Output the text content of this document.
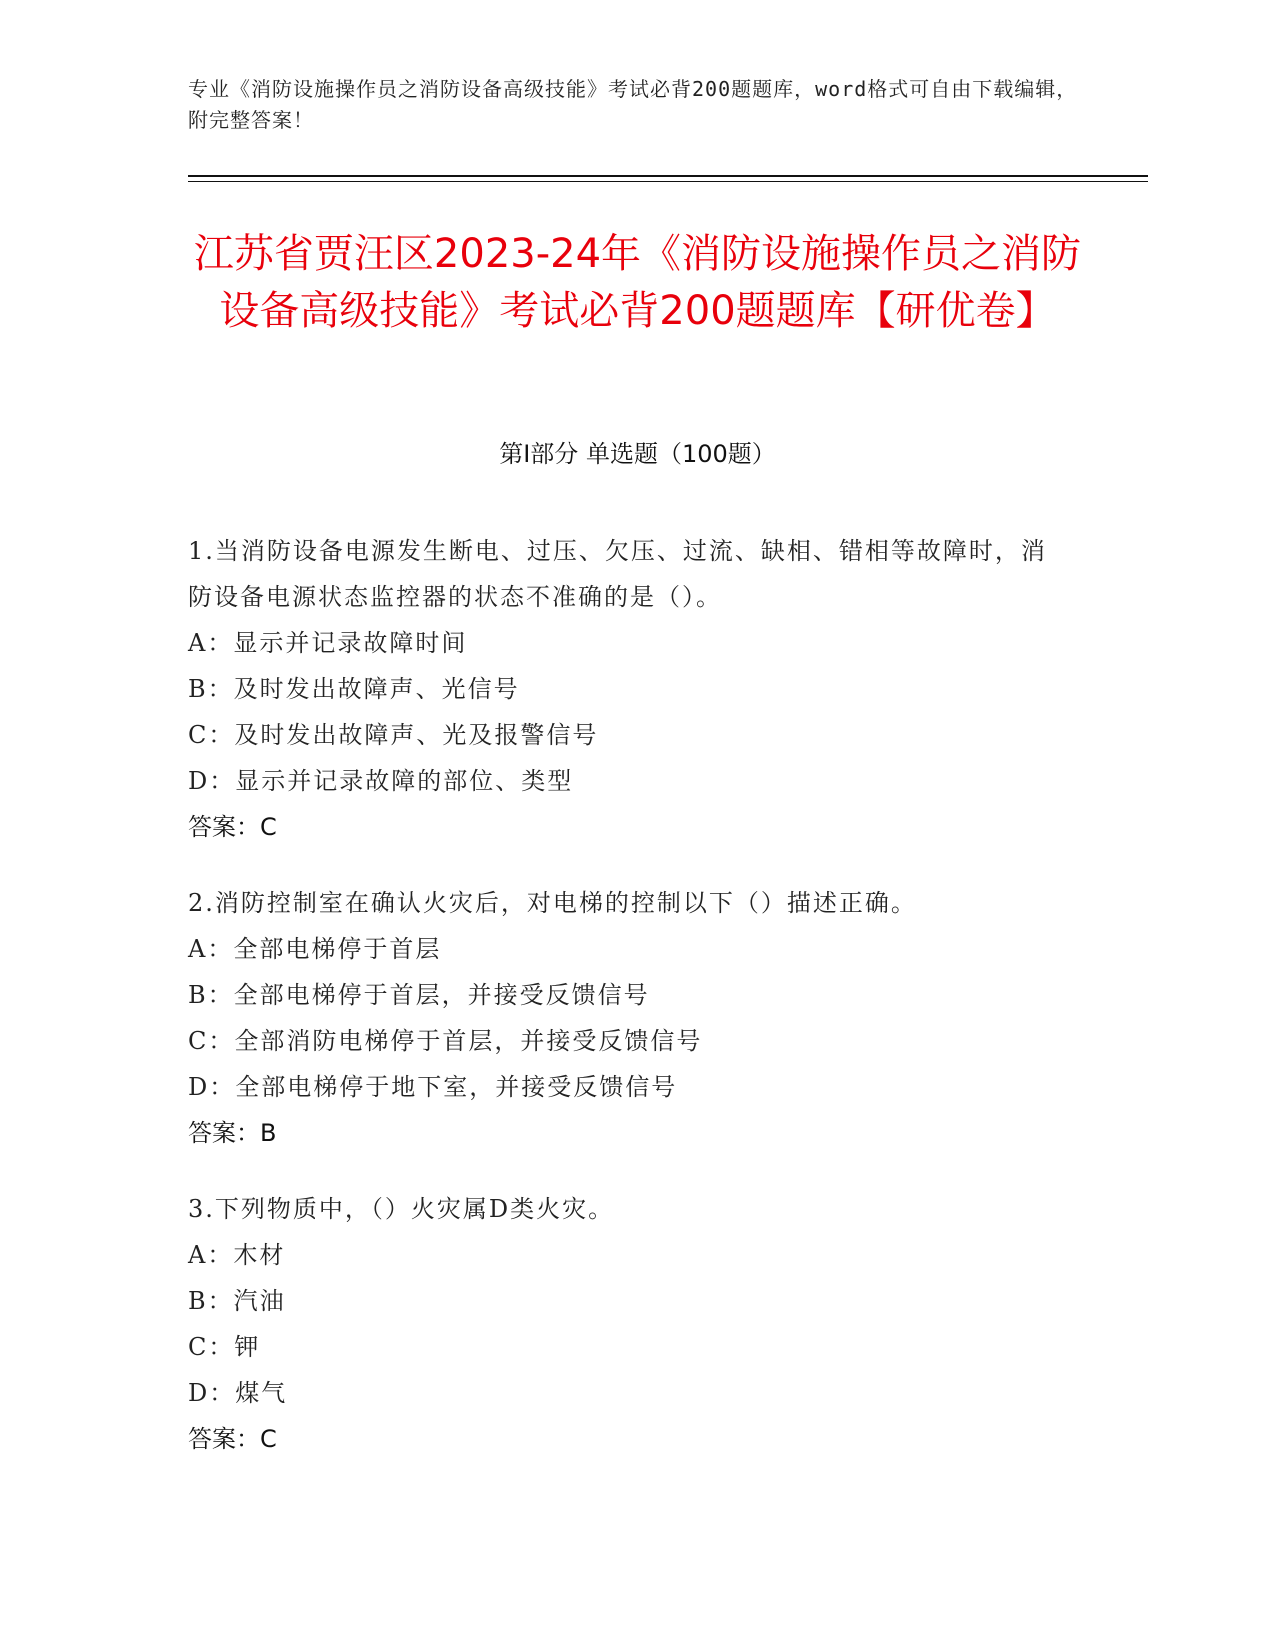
专业《消防设施操作员之消防设备高级技能》考试必背200题题库，word格式可自由下载编辑，附完整答案！
江苏省贾汪区2023-24年《消防设施操作员之消防设备高级技能》考试必背200题题库【研优卷】
第I部分 单选题（100题）

1.当消防设备电源发生断电、过压、欠压、过流、缺相、错相等故障时，消防设备电源状态监控器的状态不准确的是（）。

A：显示并记录故障时间

B：及时发出故障声、光信号

C：及时发出故障声、光及报警信号

D：显示并记录故障的部位、类型

答案：C

2.消防控制室在确认火灾后，对电梯的控制以下（）描述正确。

A：全部电梯停于首层

B：全部电梯停于首层，并接受反馈信号

C：全部消防电梯停于首层，并接受反馈信号

D：全部电梯停于地下室，并接受反馈信号

答案：B

3.下列物质中，（）火灾属D类火灾。

A：木材

B：汽油

C：钾

D：煤气

答案：C
